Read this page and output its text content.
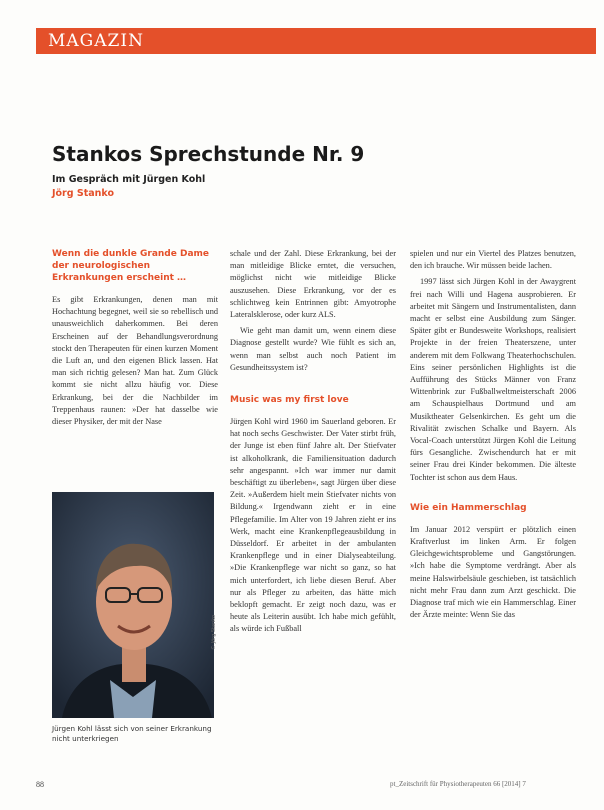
MAGAZIN
Stankos Sprechstunde Nr. 9
Im Gespräch mit Jürgen Kohl
Jörg Stanko

Wenn die dunkle Grande Dame der neurologischen Erkrankungen erscheint …

Es gibt Erkrankungen, denen man mit Hochachtung begegnet, weil sie so rebellisch und unausweichlich daherkommen. Bei deren Erscheinen auf der Behandlungsverordnung stockt den Therapeuten für einen kurzen Moment die Luft an, und den eigenen Blick lassen. Hat man sich richtig gelesen? Man hat. Zum Glück kommt sie nicht allzu häufig vor. Diese Erkrankung, bei der die Nachbilder im Treppenhaus raunen: »Der hat dasselbe wie dieser Physiker, der mit der Nase

© Jörg Stanko
Jürgen Kohl lässt sich von seiner Erkrankung nicht unterkriegen

schale und der Zahl. Diese Erkrankung, bei der man mitleidige Blicke erntet, die versuchen, möglichst nicht wie mitleidige Blicke auszusehen. Diese Erkrankung, vor der es schlichtweg kein Entrinnen gibt: Amyotrophe Lateralsklerose, oder kurz ALS.

Wie geht man damit um, wenn einem diese Diagnose gestellt wurde? Wie fühlt es sich an, wenn man selbst auch noch Patient im Gesundheitssystem ist?

Music was my first love

Jürgen Kohl wird 1960 im Sauerland geboren. Er hat noch sechs Geschwister. Der Vater stirbt früh, der Junge ist eben fünf Jahre alt. Der Stiefvater ist alkoholkrank, die Familiensituation dadurch sehr angespannt. »Ich war immer nur damit beschäftigt zu überleben«, sagt Jürgen über diese Zeit. »Außerdem hielt mein Stiefvater nichts von Bildung.« Irgendwann zieht er in eine Pflegefamilie. Im Alter von 19 Jahren zieht er ins Werk, macht eine Krankenpflegeausbildung in Düsseldorf. Er arbeitet in der ambulanten Krankenpflege und in einer Dialyseabteilung. »Die Krankenpflege war nicht so ganz, so hat mich unterfordert, ich liebe diesen Beruf. Aber nur als Pfleger zu arbeiten, das hätte mich beklopft gemacht. Er zeigt noch dazu, was er heute als Leiterin ausübt. Ich habe mich gefühlt, als würde ich Fußball

spielen und nur ein Viertel des Platzes benutzen, den ich brauche. Wir müssen beide lachen.

1997 lässt sich Jürgen Kohl in der Awaygrent frei nach Willi und Hagena ausprobieren. Er arbeitet mit Sängern und Instrumentalisten, dann macht er selbst eine Ausbildung zum Sänger. Später gibt er Bundesweite Workshops, realisiert Projekte in der freien Theaterszene, unter anderem mit dem Folkwang Theaterhochschulen. Eins seiner persönlichen Highlights ist die Aufführung des Stücks Männer von Franz Wittenbrink zur Fußballweltmeisterschaft 2006 am Schauspielhaus Dortmund und am Musiktheater Gelsenkirchen. Es geht um die Rivalität zwischen Schalke und Bayern. Als Vocal-Coach unterstützt Jürgen Kohl die Leitung fürs Gesangliche. Zwischendurch hat er mit seiner Frau drei Kinder bekommen. Die älteste Tochter ist schon aus dem Haus.

Wie ein Hammerschlag

Im Januar 2012 verspürt er plötzlich einen Kraftverlust im linken Arm. Er folgen Gleichgewichtsprobleme und Gangstörungen. »Ich habe die Symptome verdrängt. Aber als meine Halswirbelsäule geschieben, ist tatsächlich nicht mehr Frau dann zum Arzt geschickt. Die Diagnose traf mich wie ein Hammerschlag. Einer der Ärzte meinte: Wenn Sie das

88	pt_Zeitschrift für Physiotherapeuten 66 [2014] 7
